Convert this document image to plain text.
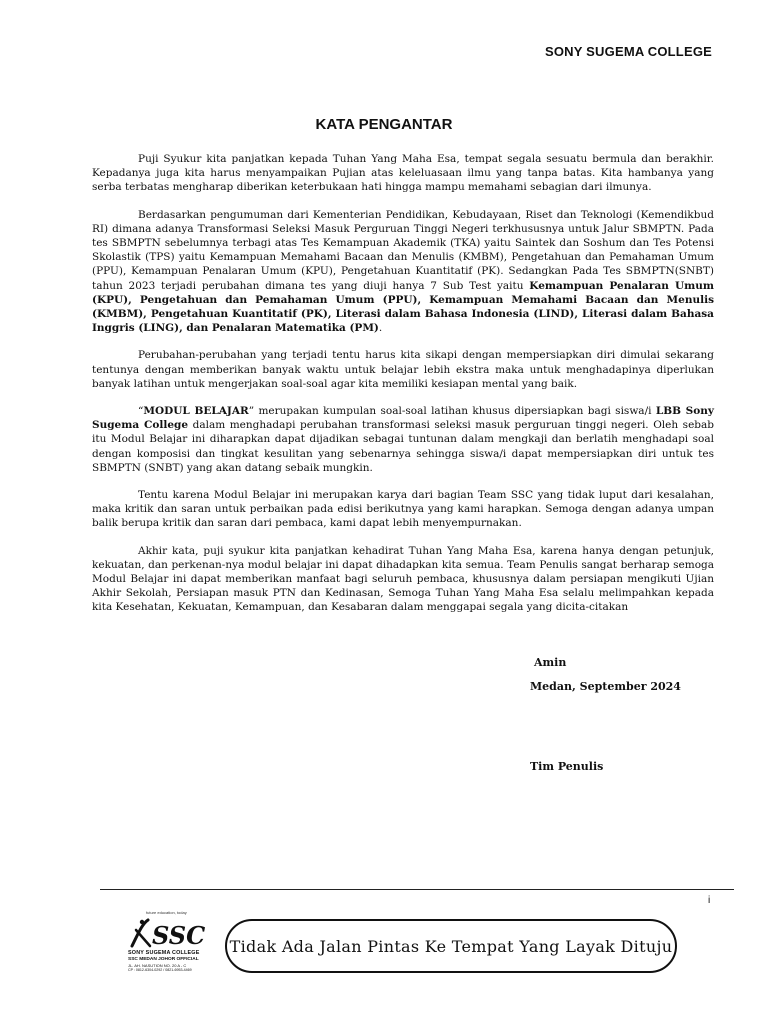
SONY SUGEMA COLLEGE
KATA PENGANTAR

Puji Syukur kita panjatkan kepada Tuhan Yang Maha Esa, tempat segala sesuatu bermula dan berakhir. Kepadanya juga kita harus menyampaikan Pujian atas keleluasaan ilmu yang tanpa batas. Kita hambanya yang serba terbatas mengharap diberikan keterbukaan hati hingga mampu memahami sebagian dari ilmunya.

Berdasarkan pengumuman dari Kementerian Pendidikan, Kebudayaan, Riset dan Teknologi (Kemendikbud RI) dimana adanya Transformasi Seleksi Masuk Perguruan Tinggi Negeri terkhususnya untuk Jalur SBMPTN. Pada tes SBMPTN sebelumnya terbagi atas Tes Kemampuan Akademik (TKA) yaitu Saintek dan Soshum dan Tes Potensi Skolastik (TPS) yaitu Kemampuan Memahami Bacaan dan Menulis (KMBM), Pengetahuan dan Pemahaman Umum (PPU), Kemampuan Penalaran Umum (KPU), Pengetahuan Kuantitatif (PK). Sedangkan Pada Tes SBMPTN(SNBT) tahun 2023 terjadi perubahan dimana tes yang diuji hanya 7 Sub Test yaitu Kemampuan Penalaran Umum (KPU), Pengetahuan dan Pemahaman Umum (PPU), Kemampuan Memahami Bacaan dan Menulis (KMBM), Pengetahuan Kuantitatif (PK), Literasi dalam Bahasa Indonesia (LIND), Literasi dalam Bahasa Inggris (LING), dan Penalaran Matematika (PM).

Perubahan-perubahan yang terjadi tentu harus kita sikapi dengan mempersiapkan diri dimulai sekarang tentunya dengan memberikan banyak waktu untuk belajar lebih ekstra maka untuk menghadapinya diperlukan banyak latihan untuk mengerjakan soal-soal agar kita memiliki kesiapan mental yang baik.

“MODUL BELAJAR” merupakan kumpulan soal-soal latihan khusus dipersiapkan bagi siswa/i LBB Sony Sugema College dalam menghadapi perubahan transformasi seleksi masuk perguruan tinggi negeri. Oleh sebab itu Modul Belajar ini diharapkan dapat dijadikan sebagai tuntunan dalam mengkaji dan berlatih menghadapi soal dengan komposisi dan tingkat kesulitan yang sebenarnya sehingga siswa/i dapat mempersiapkan diri untuk tes SBMPTN (SNBT) yang akan datang sebaik mungkin.

Tentu karena Modul Belajar ini merupakan karya dari bagian Team SSC yang tidak luput dari kesalahan, maka kritik dan saran untuk perbaikan pada edisi berikutnya yang kami harapkan. Semoga dengan adanya umpan balik berupa kritik dan saran dari pembaca, kami dapat lebih menyempurnakan.

Akhir kata, puji syukur kita panjatkan kehadirat Tuhan Yang Maha Esa, karena hanya dengan petunjuk, kekuatan, dan perkenan-nya modul belajar ini dapat dihadapkan kita semua. Team Penulis sangat berharap semoga Modul Belajar ini dapat memberikan manfaat bagi seluruh pembaca, khususnya dalam persiapan mengikuti Ujian Akhir Sekolah, Persiapan masuk PTN dan Kedinasan, Semoga Tuhan Yang Maha Esa selalu melimpahkan kepada kita Kesehatan, Kekuatan, Kemampuan, dan Kesabaran dalam menggapai segala yang dicita-citakan

Amin
Medan, September 2024
Tim Penulis
i
future education, today
SSC
SONY SUGEMA COLLEGE
SSC MEDAN JOHOR OFFICIAL
JL. AH. NASUTION NO. 20 A - C
CP : 0812-6304-0292 / 0821-6953-4469
Tidak Ada Jalan Pintas Ke Tempat Yang Layak Dituju
